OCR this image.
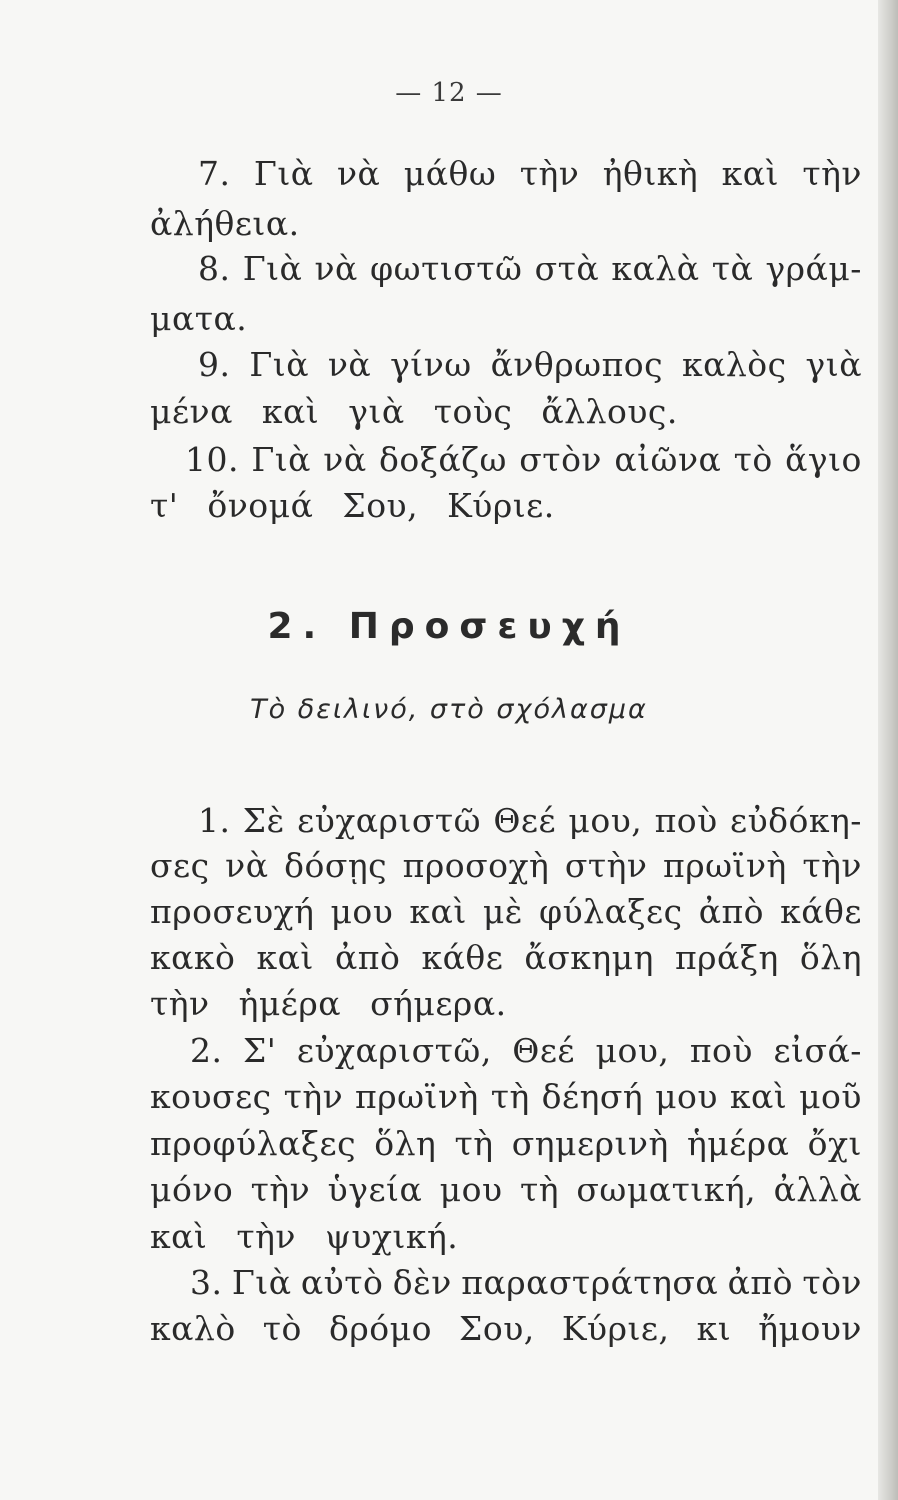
— 12 —
7. Γιὰ νὰ μάθω τὴν ἠθικὴ καὶ τὴν
ἀλήθεια.
8. Γιὰ νὰ φωτιστῶ στὰ καλὰ τὰ γράμ-
ματα.
9. Γιὰ νὰ γίνω ἄνθρωπος καλὸς γιὰ
μένα καὶ γιὰ τοὺς ἄλλους.
10. Γιὰ νὰ δοξάζω στὸν αἰῶνα τὸ ἅγιο
τ' ὄνομά Σου, Κύριε.
1. Σὲ εὐχαριστῶ Θεέ μου, ποὺ εὐδόκη-
σες νὰ δόσῃς προσοχὴ στὴν πρωϊνὴ τὴν
προσευχή μου καὶ μὲ φύλαξες ἀπὸ κάθε
κακὸ καὶ ἀπὸ κάθε ἄσκημη πράξη ὅλη
τὴν ἡμέρα σήμερα.
2. Σ' εὐχαριστῶ, Θεέ μου, ποὺ εἰσά-
κουσες τὴν πρωϊνὴ τὴ δέησή μου καὶ μοῦ
προφύλαξες ὅλη τὴ σημερινὴ ἡμέρα ὄχι
μόνο τὴν ὑγεία μου τὴ σωματική, ἀλλὰ
καὶ τὴν ψυχική.
3. Γιὰ αὐτὸ δὲν παραστράτησα ἀπὸ τὸν
καλὸ τὸ δρόμο Σου, Κύριε, κι ἤμουν
2. Προσευχή
Τὸ δειλινό, στὸ σχόλασμα
